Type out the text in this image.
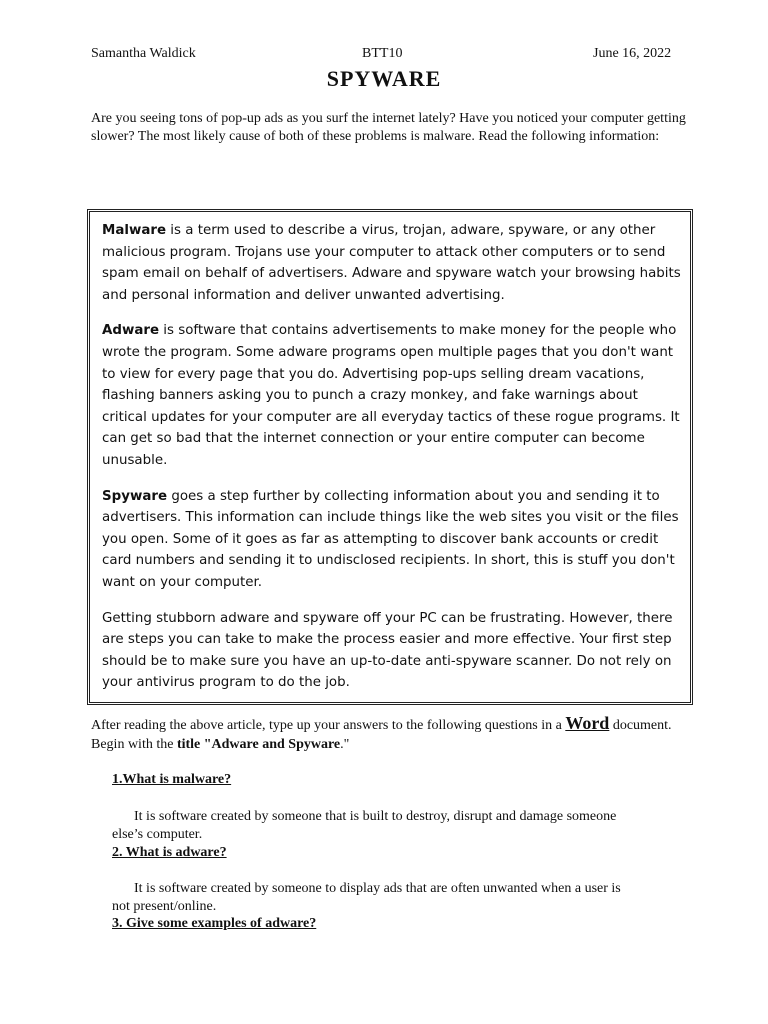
Samantha Waldick	BTT10	June 16, 2022
SPYWARE
Are you seeing tons of pop-up ads as you surf the internet lately? Have you noticed your computer getting slower? The most likely cause of both of these problems is malware. Read the following information:

Malware is a term used to describe a virus, trojan, adware, spyware, or any other malicious program. Trojans use your computer to attack other computers or to send spam email on behalf of advertisers. Adware and spyware watch your browsing habits and personal information and deliver unwanted advertising.

Adware is software that contains advertisements to make money for the people who wrote the program. Some adware programs open multiple pages that you don't want to view for every page that you do. Advertising pop-ups selling dream vacations, flashing banners asking you to punch a crazy monkey, and fake warnings about critical updates for your computer are all everyday tactics of these rogue programs. It can get so bad that the internet connection or your entire computer can become unusable.

Spyware goes a step further by collecting information about you and sending it to advertisers. This information can include things like the web sites you visit or the files you open. Some of it goes as far as attempting to discover bank accounts or credit card numbers and sending it to undisclosed recipients. In short, this is stuff you don't want on your computer.

Getting stubborn adware and spyware off your PC can be frustrating. However, there are steps you can take to make the process easier and more effective. Your first step should be to make sure you have an up-to-date anti-spyware scanner. Do not rely on your antivirus program to do the job.

After reading the above article, type up your answers to the following questions in a Word document. Begin with the title "Adware and Spyware."
1.What is malware?
It is software created by someone that is built to destroy, disrupt and damage someone
else’s computer.
2. What is adware?
It is software created by someone to display ads that are often unwanted when a user is
not present/online.
3. Give some examples of adware?
